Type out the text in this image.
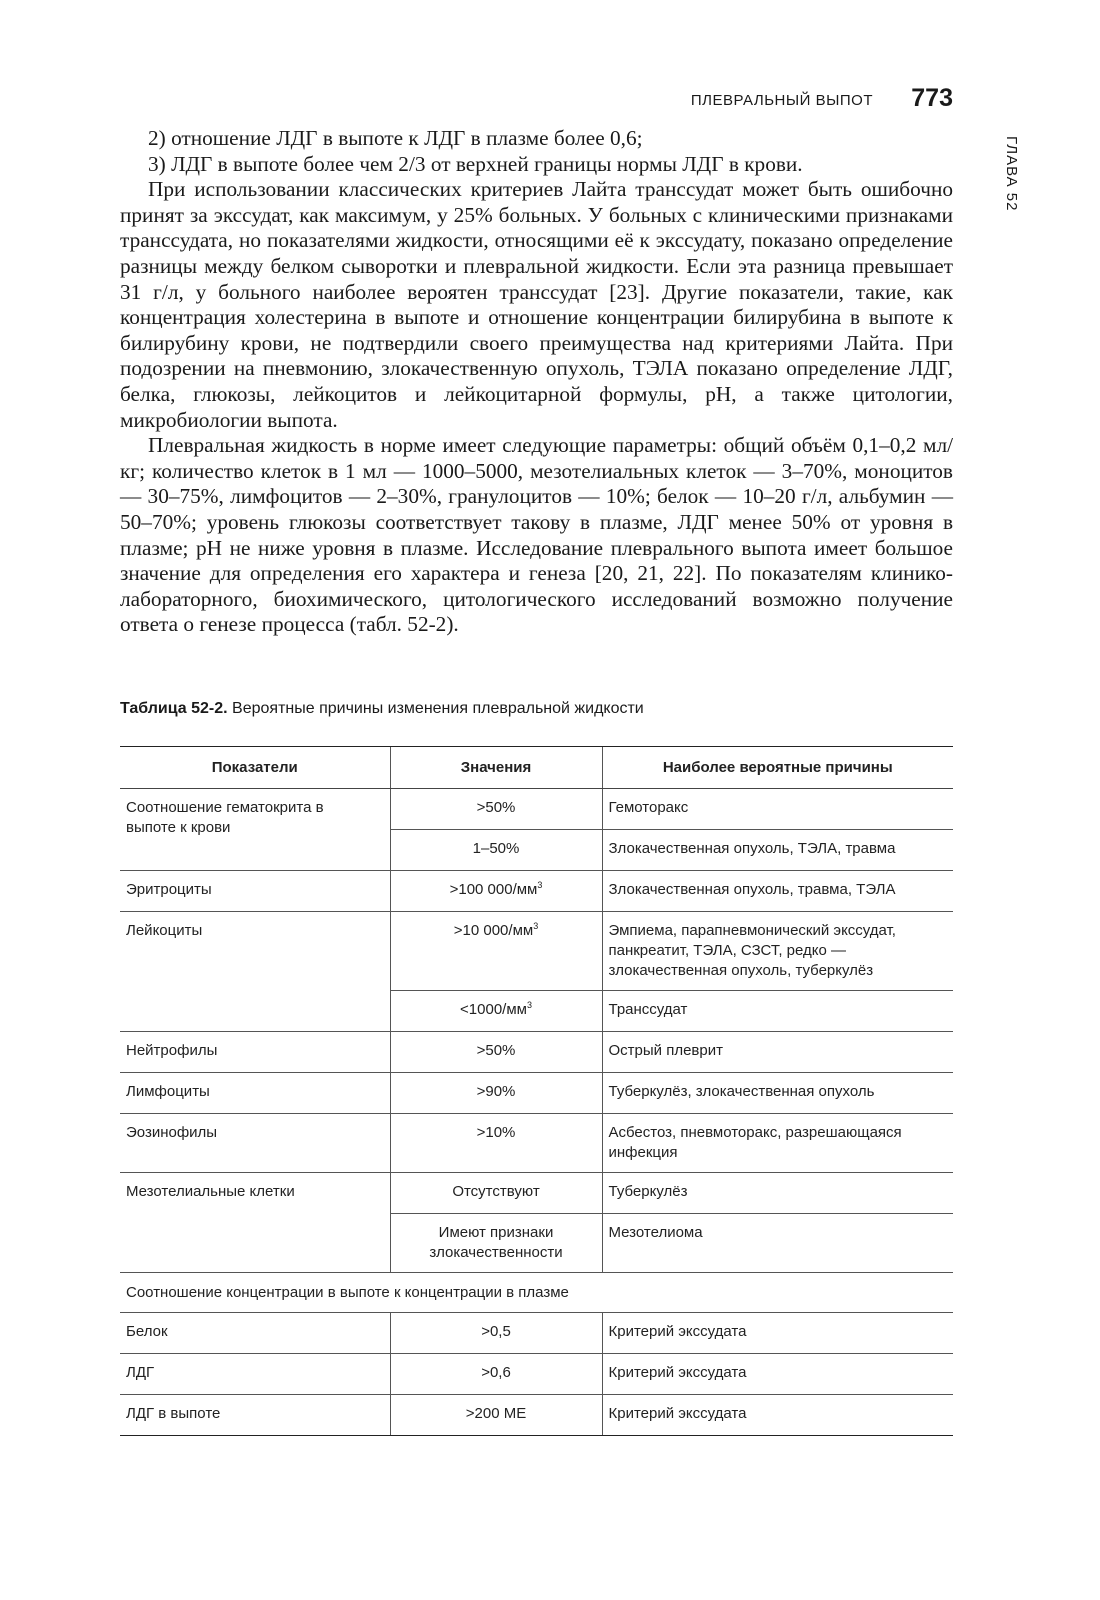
ПЛЕВРАЛЬНЫЙ ВЫПОТ 773
ГЛАВА 52

2) отношение ЛДГ в выпоте к ЛДГ в плазме более 0,6;

3) ЛДГ в выпоте более чем 2/3 от верхней границы нормы ЛДГ в крови.

При использовании классических критериев Лайта транссудат может быть ошибочно принят за экссудат, как максимум, у 25% больных. У больных с клиническими признаками транссудата, но показателями жидкости, относящими её к экссудату, показано определение разницы между белком сыворотки и плевральной жидкости. Если эта разница превышает 31 г/л, у больного наиболее вероятен транссудат [23]. Другие показатели, такие, как концентрация холестерина в выпоте и отношение концентрации билирубина в выпоте к билирубину крови, не подтвердили своего преимущества над критериями Лайта. При подозрении на пневмонию, злокачественную опухоль, ТЭЛА показано определение ЛДГ, белка, глюкозы, лейкоцитов и лейкоцитарной формулы, рН, а также цитологии, микробиологии выпота.

Плевральная жидкость в норме имеет следующие параметры: общий объём 0,1–0,2 мл/кг; количество клеток в 1 мл — 1000–5000, мезотелиальных клеток — 3–70%, моноцитов — 30–75%, лимфоцитов — 2–30%, гранулоцитов — 10%; белок — 10–20 г/л, альбумин — 50–70%; уровень глюкозы соответствует такову в плазме, ЛДГ менее 50% от уровня в плазме; рН не ниже уровня в плазме. Исследование плеврального выпота имеет большое значение для определения его характера и генеза [20, 21, 22]. По показателям клинико-лабораторного, биохимического, цитологического исследований возможно получение ответа о генезе процесса (табл. 52-2).

Таблица 52-2. Вероятные причины изменения плевральной жидкости
Показатели	Значения	Наиболее вероятные причины
Соотношение гематокрита в выпоте к крови	>50%	Гемоторакс
	1–50%	Злокачественная опухоль, ТЭЛА, травма
Эритроциты	>100 $000/мм^3$	Злокачественная опухоль, травма, ТЭЛА
Лейкоциты	>10 $000/мм^3$	Эмпиема, парапневмонический экссудат, панкреатит, ТЭЛА, СЗСТ, редко — злокачественная опухоль, туберкулёз
	$<1000/мм^3$	Транссудат
Нейтрофилы	>50%	Острый плеврит
Лимфоциты	>90%	Туберкулёз, злокачественная опухоль
Эозинофилы	>10%	Асбестоз, пневмоторакс, разрешающаяся инфекция
Мезотелиальные клетки	Отсутствуют	Туберкулёз
	Имеют признаки злокачественности	Мезотелиома
Соотношение концентрации в выпоте к концентрации в плазме		
Белок	>0,5	Критерий экссудата
ЛДГ	>0,6	Критерий экссудата
ЛДГ в выпоте	>200 МЕ	Критерий экссудата
